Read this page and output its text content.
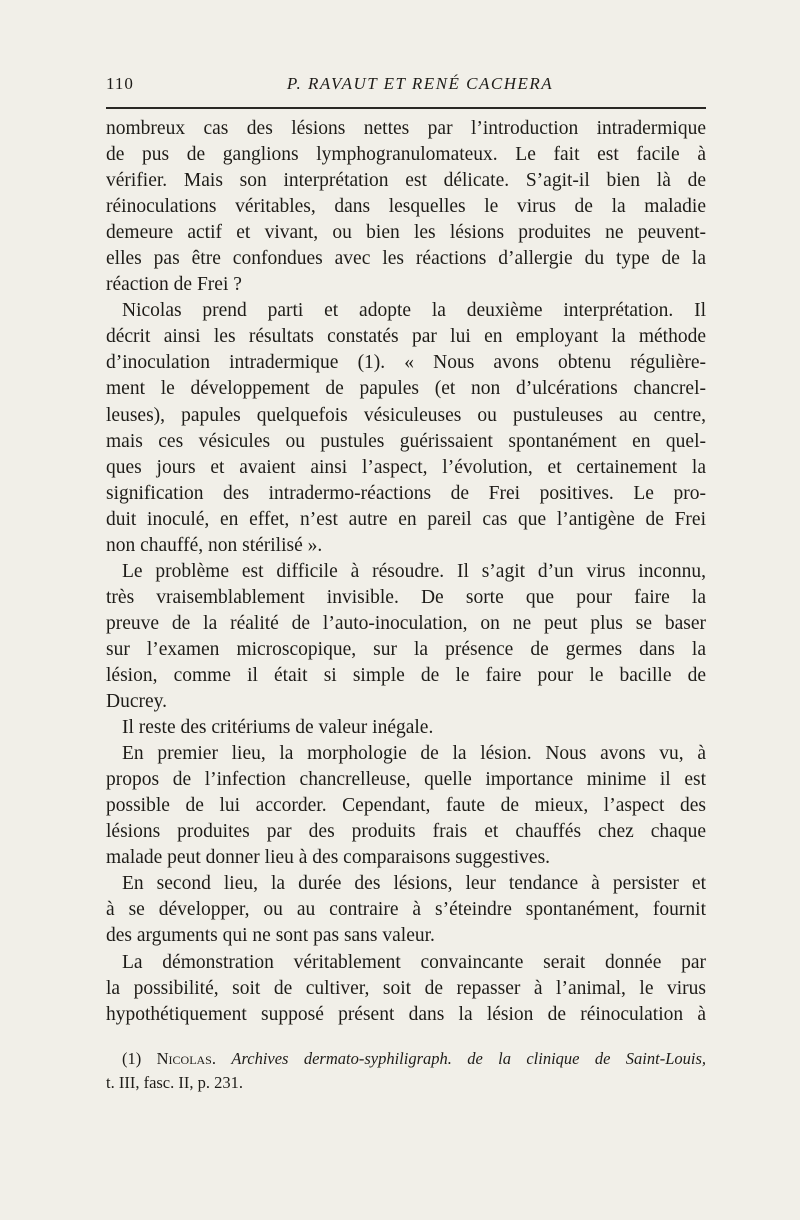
110	P. RAVAUT ET RENÉ CACHERA
nombreux cas des lésions nettes par l’introduction intradermique
de pus de ganglions lymphogranulomateux. Le fait est facile à
vérifier. Mais son interprétation est délicate. S’agit-il bien là de
réinoculations véritables, dans lesquelles le virus de la maladie
demeure actif et vivant, ou bien les lésions produites ne peuvent-
elles pas être confondues avec les réactions d’allergie du type de la
réaction de Frei ?
Nicolas prend parti et adopte la deuxième interprétation. Il
décrit ainsi les résultats constatés par lui en employant la méthode
d’inoculation intradermique (1). « Nous avons obtenu régulière-
ment le développement de papules (et non d’ulcérations chancrel-
leuses), papules quelquefois vésiculeuses ou pustuleuses au centre,
mais ces vésicules ou pustules guérissaient spontanément en quel-
ques jours et avaient ainsi l’aspect, l’évolution, et certainement la
signification des intradermo-réactions de Frei positives. Le pro-
duit inoculé, en effet, n’est autre en pareil cas que l’antigène de Frei
non chauffé, non stérilisé ».
Le problème est difficile à résoudre. Il s’agit d’un virus inconnu,
très vraisemblablement invisible. De sorte que pour faire la
preuve de la réalité de l’auto-inoculation, on ne peut plus se baser
sur l’examen microscopique, sur la présence de germes dans la
lésion, comme il était si simple de le faire pour le bacille de
Ducrey.
Il reste des critériums de valeur inégale.
En premier lieu, la morphologie de la lésion. Nous avons vu, à
propos de l’infection chancrelleuse, quelle importance minime il est
possible de lui accorder. Cependant, faute de mieux, l’aspect des
lésions produites par des produits frais et chauffés chez chaque
malade peut donner lieu à des comparaisons suggestives.
En second lieu, la durée des lésions, leur tendance à persister et
à se développer, ou au contraire à s’éteindre spontanément, fournit
des arguments qui ne sont pas sans valeur.
La démonstration véritablement convaincante serait donnée par
la possibilité, soit de cultiver, soit de repasser à l’animal, le virus
hypothétiquement supposé présent dans la lésion de réinoculation à
(1) Nicolas. Archives dermato-syphiligraph. de la clinique de Saint-Louis,
t. III, fasc. II, p. 231.
